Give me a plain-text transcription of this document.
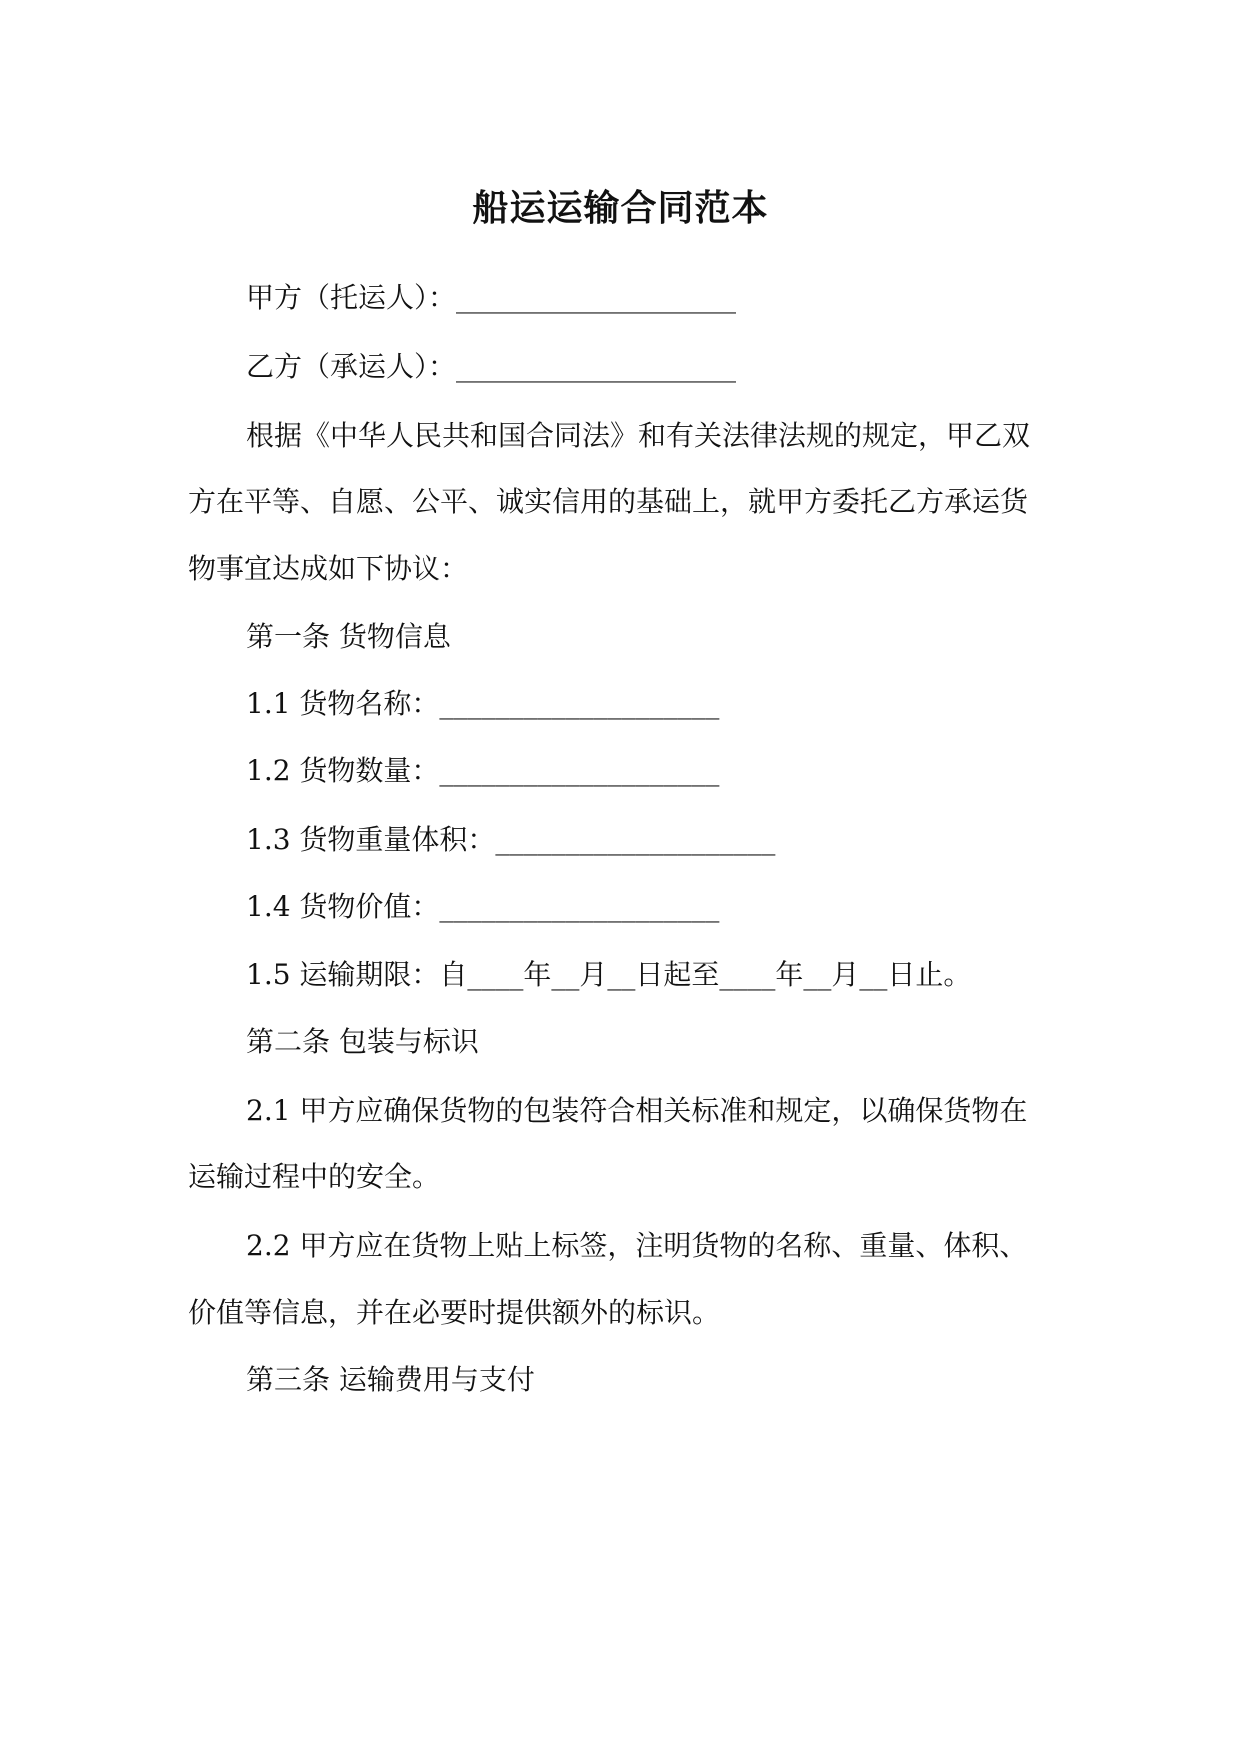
船运运输合同范本
甲方（托运人）：____________________
乙方（承运人）：____________________
根据《中华人民共和国合同法》和有关法律法规的规定，甲乙双
方在平等、自愿、公平、诚实信用的基础上，就甲方委托乙方承运货
物事宜达成如下协议：
第一条 货物信息
1.1 货物名称：____________________
1.2 货物数量：____________________
1.3 货物重量体积：____________________
1.4 货物价值：____________________
1.5 运输期限：自____年__月__日起至____年__月__日止。
第二条 包装与标识
2.1 甲方应确保货物的包装符合相关标准和规定，以确保货物在
运输过程中的安全。
2.2 甲方应在货物上贴上标签，注明货物的名称、重量、体积、
价值等信息，并在必要时提供额外的标识。
第三条 运输费用与支付
